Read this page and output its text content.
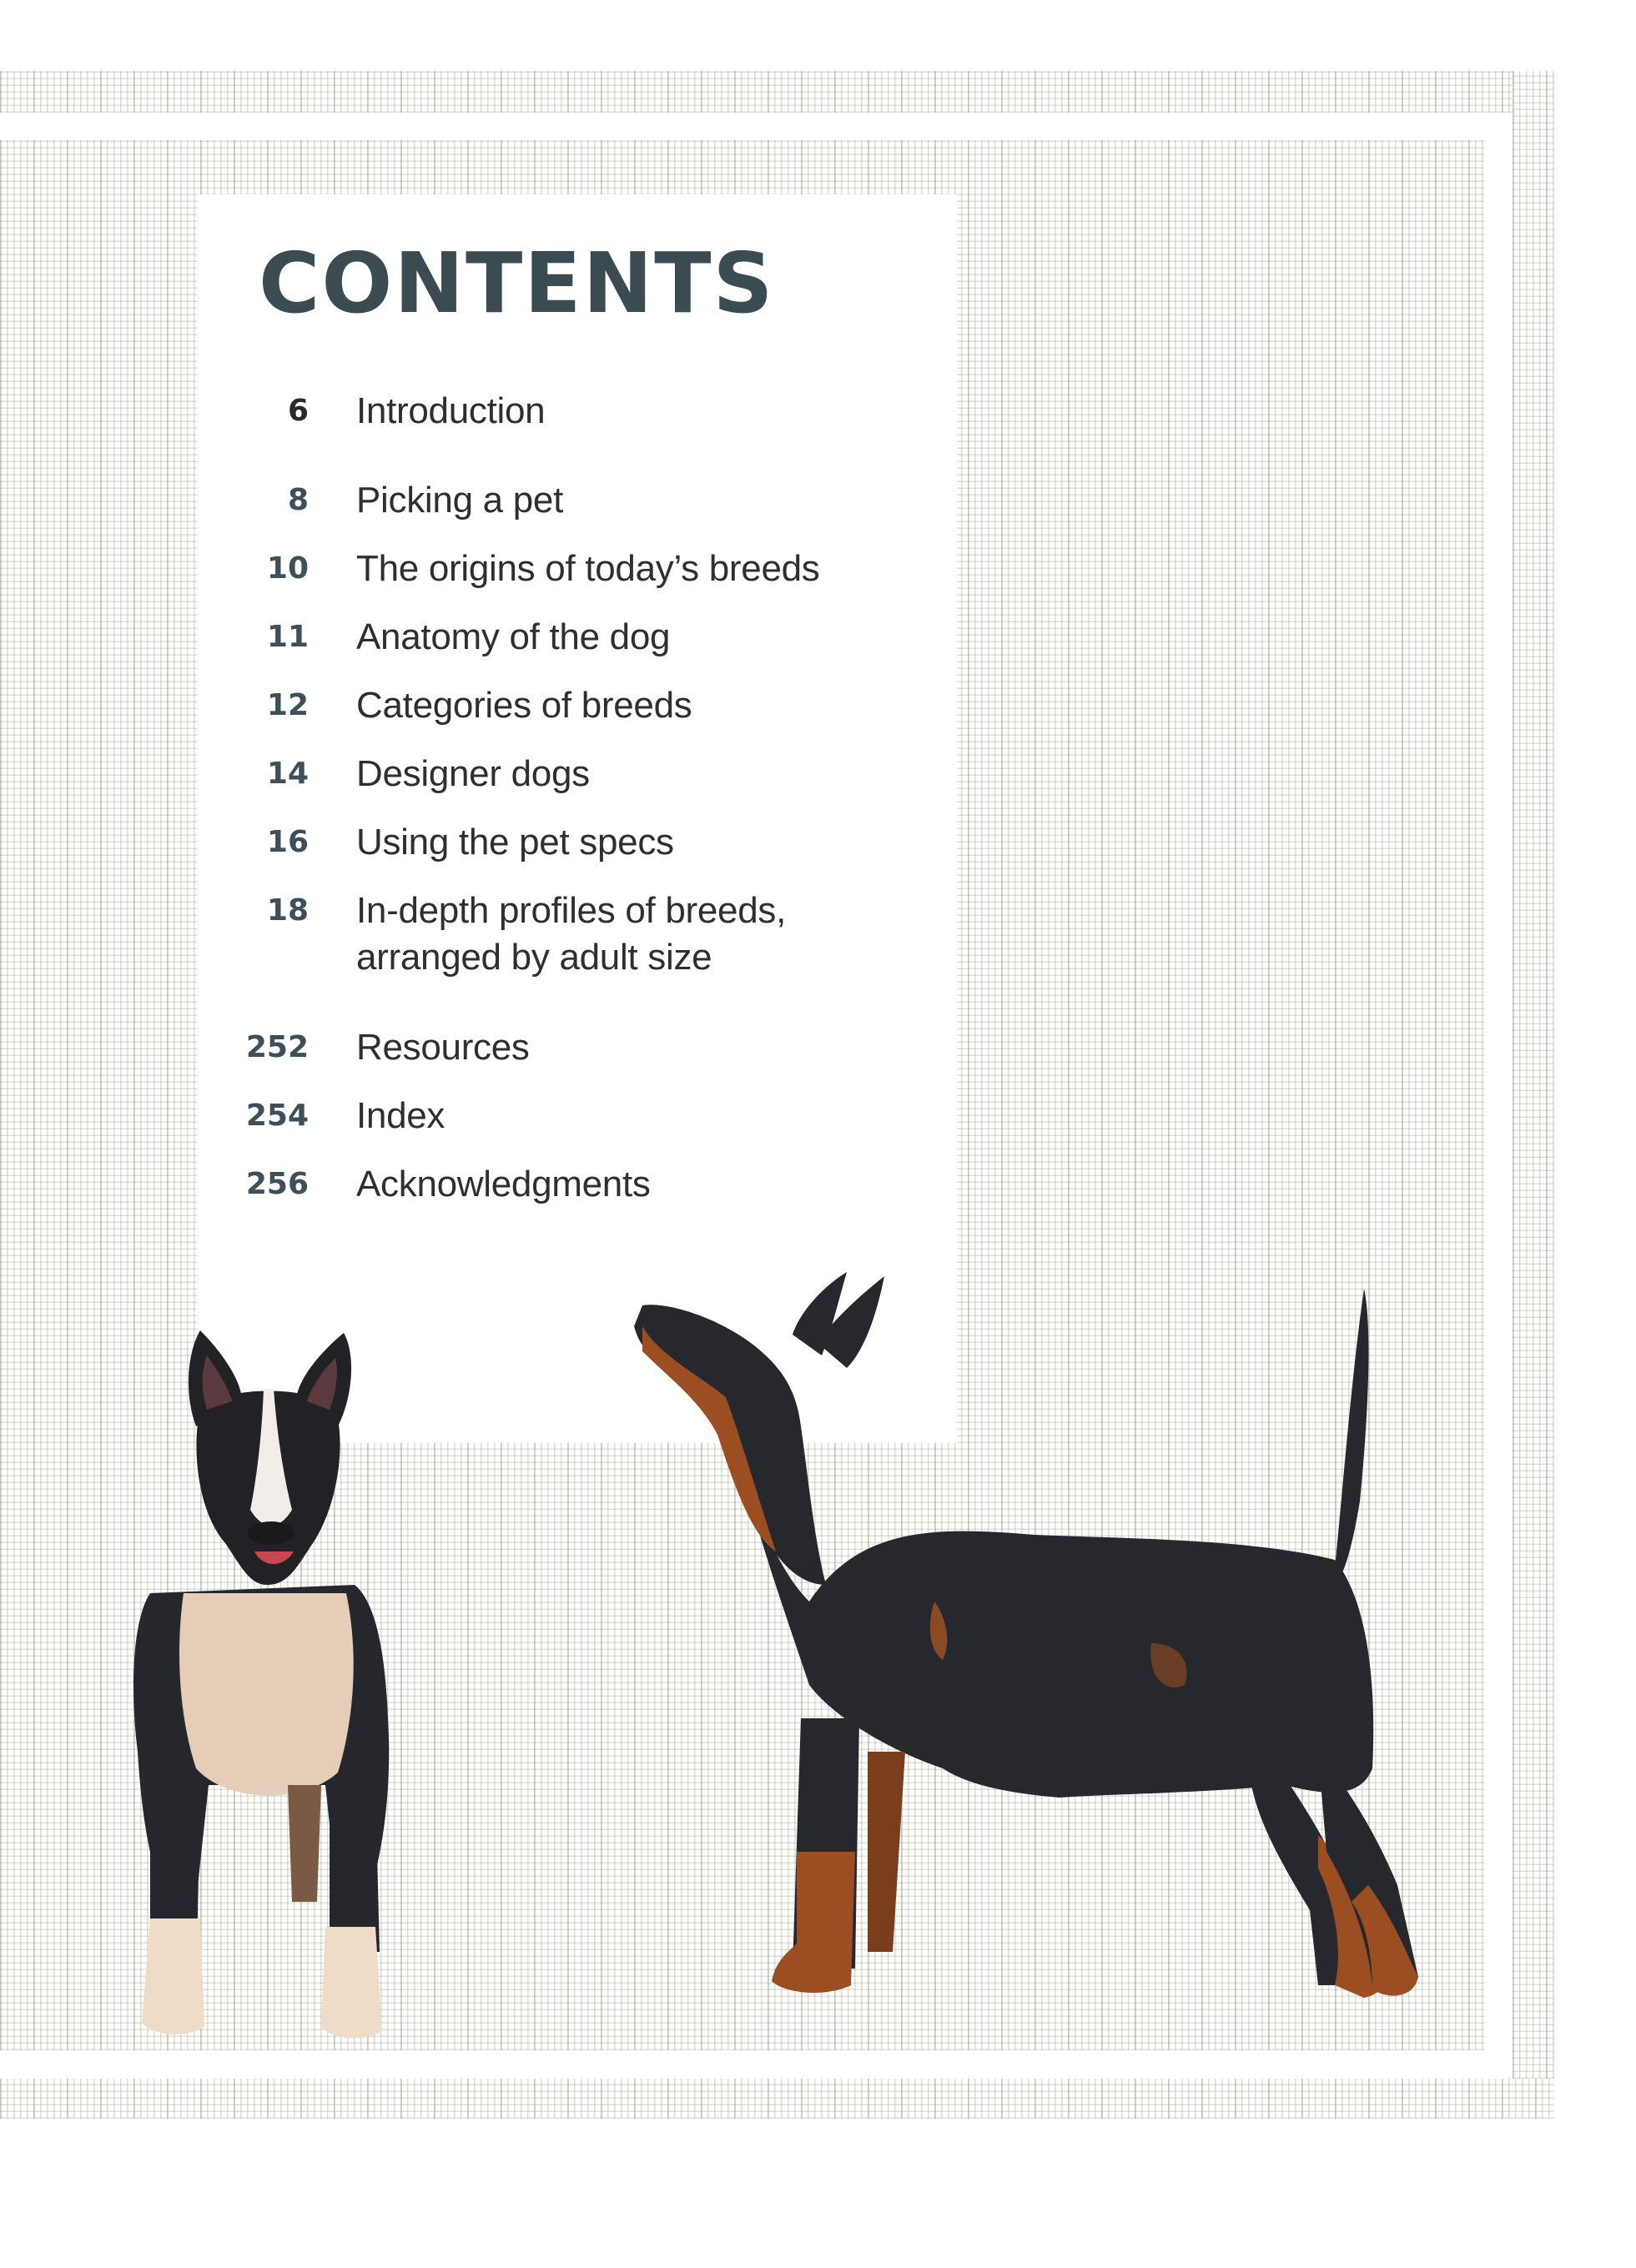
CONTENTS
6 Introduction
8 Picking a pet
10 The origins of today’s breeds
11 Anatomy of the dog
12 Categories of breeds
14 Designer dogs
16 Using the pet specs
18 In-depth profiles of breeds,
arranged by adult size
252 Resources
254 Index
256 Acknowledgments
